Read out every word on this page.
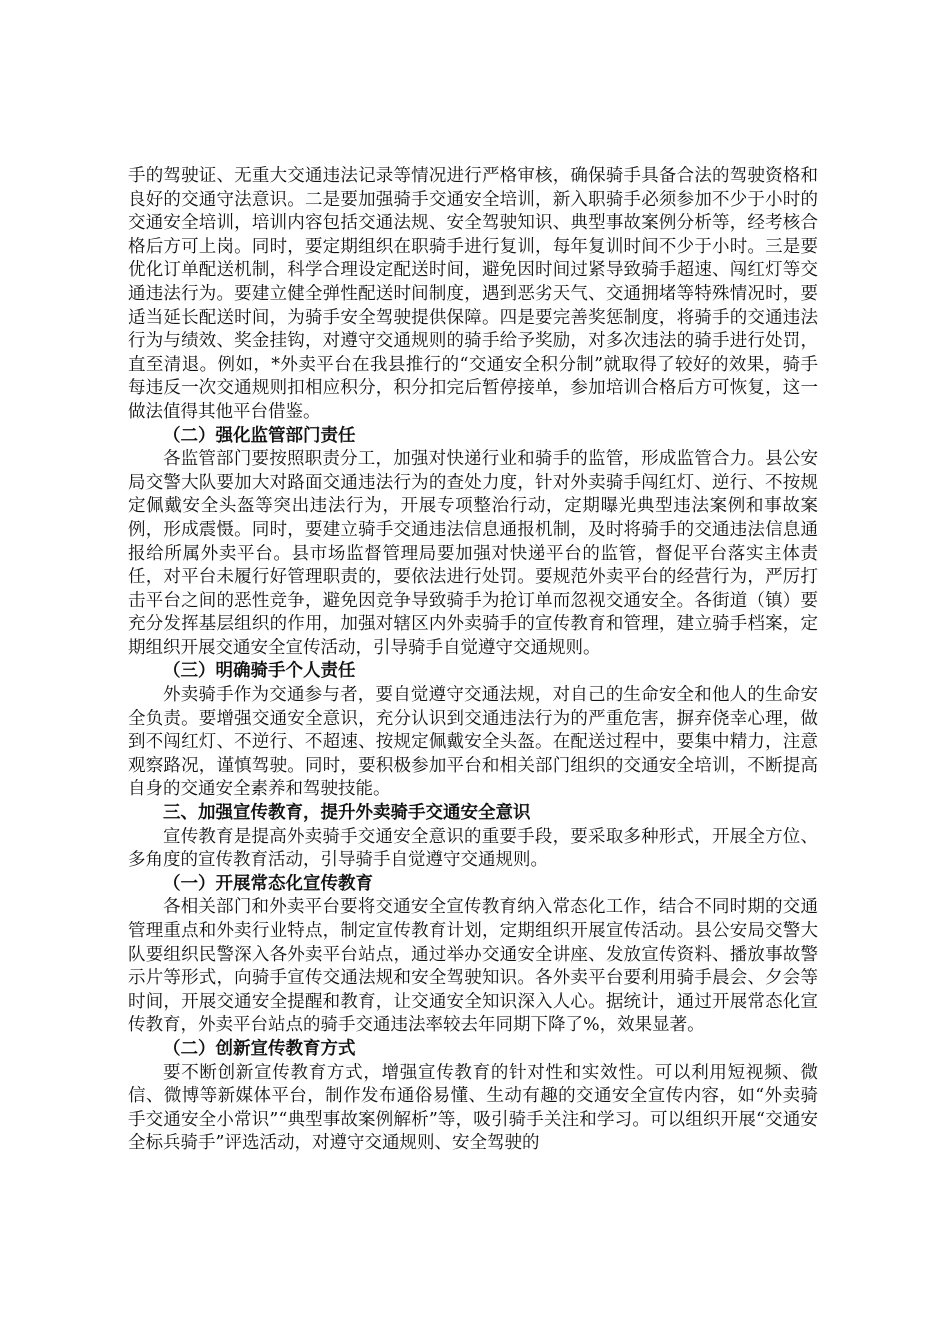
手的驾驶证、无重大交通违法记录等情况进行严格审核，确保骑手具备合法的驾驶资格和良好的交通守法意识。二是要加强骑手交通安全培训，新入职骑手必须参加不少于小时的交通安全培训，培训内容包括交通法规、安全驾驶知识、典型事故案例分析等，经考核合格后方可上岗。同时，要定期组织在职骑手进行复训，每年复训时间不少于小时。三是要优化订单配送机制，科学合理设定配送时间，避免因时间过紧导致骑手超速、闯红灯等交通违法行为。要建立健全弹性配送时间制度，遇到恶劣天气、交通拥堵等特殊情况时，要适当延长配送时间，为骑手安全驾驶提供保障。四是要完善奖惩制度，将骑手的交通违法行为与绩效、奖金挂钩，对遵守交通规则的骑手给予奖励，对多次违法的骑手进行处罚，直至清退。例如，*外卖平台在我县推行的“交通安全积分制”就取得了较好的效果，骑手每违反一次交通规则扣相应积分，积分扣完后暂停接单，参加培训合格后方可恢复，这一做法值得其他平台借鉴。

（二）强化监管部门责任

各监管部门要按照职责分工，加强对快递行业和骑手的监管，形成监管合力。县公安局交警大队要加大对路面交通违法行为的查处力度，针对外卖骑手闯红灯、逆行、不按规定佩戴安全头盔等突出违法行为，开展专项整治行动，定期曝光典型违法案例和事故案例，形成震慑。同时，要建立骑手交通违法信息通报机制，及时将骑手的交通违法信息通报给所属外卖平台。县市场监督管理局要加强对快递平台的监管，督促平台落实主体责任，对平台未履行好管理职责的，要依法进行处罚。要规范外卖平台的经营行为，严厉打击平台之间的恶性竞争，避免因竞争导致骑手为抢订单而忽视交通安全。各街道（镇）要充分发挥基层组织的作用，加强对辖区内外卖骑手的宣传教育和管理，建立骑手档案，定期组织开展交通安全宣传活动，引导骑手自觉遵守交通规则。

（三）明确骑手个人责任

外卖骑手作为交通参与者，要自觉遵守交通法规，对自己的生命安全和他人的生命安全负责。要增强交通安全意识，充分认识到交通违法行为的严重危害，摒弃侥幸心理，做到不闯红灯、不逆行、不超速、按规定佩戴安全头盔。在配送过程中，要集中精力，注意观察路况，谨慎驾驶。同时，要积极参加平台和相关部门组织的交通安全培训，不断提高自身的交通安全素养和驾驶技能。

三、加强宣传教育，提升外卖骑手交通安全意识

宣传教育是提高外卖骑手交通安全意识的重要手段，要采取多种形式，开展全方位、多角度的宣传教育活动，引导骑手自觉遵守交通规则。

（一）开展常态化宣传教育

各相关部门和外卖平台要将交通安全宣传教育纳入常态化工作，结合不同时期的交通管理重点和外卖行业特点，制定宣传教育计划，定期组织开展宣传活动。县公安局交警大队要组织民警深入各外卖平台站点，通过举办交通安全讲座、发放宣传资料、播放事故警示片等形式，向骑手宣传交通法规和安全驾驶知识。各外卖平台要利用骑手晨会、夕会等时间，开展交通安全提醒和教育，让交通安全知识深入人心。据统计，通过开展常态化宣传教育，外卖平台站点的骑手交通违法率较去年同期下降了%，效果显著。

（二）创新宣传教育方式

要不断创新宣传教育方式，增强宣传教育的针对性和实效性。可以利用短视频、微信、微博等新媒体平台，制作发布通俗易懂、生动有趣的交通安全宣传内容，如“外卖骑手交通安全小常识”“典型事故案例解析”等，吸引骑手关注和学习。可以组织开展“交通安全标兵骑手”评选活动，对遵守交通规则、安全驾驶的
